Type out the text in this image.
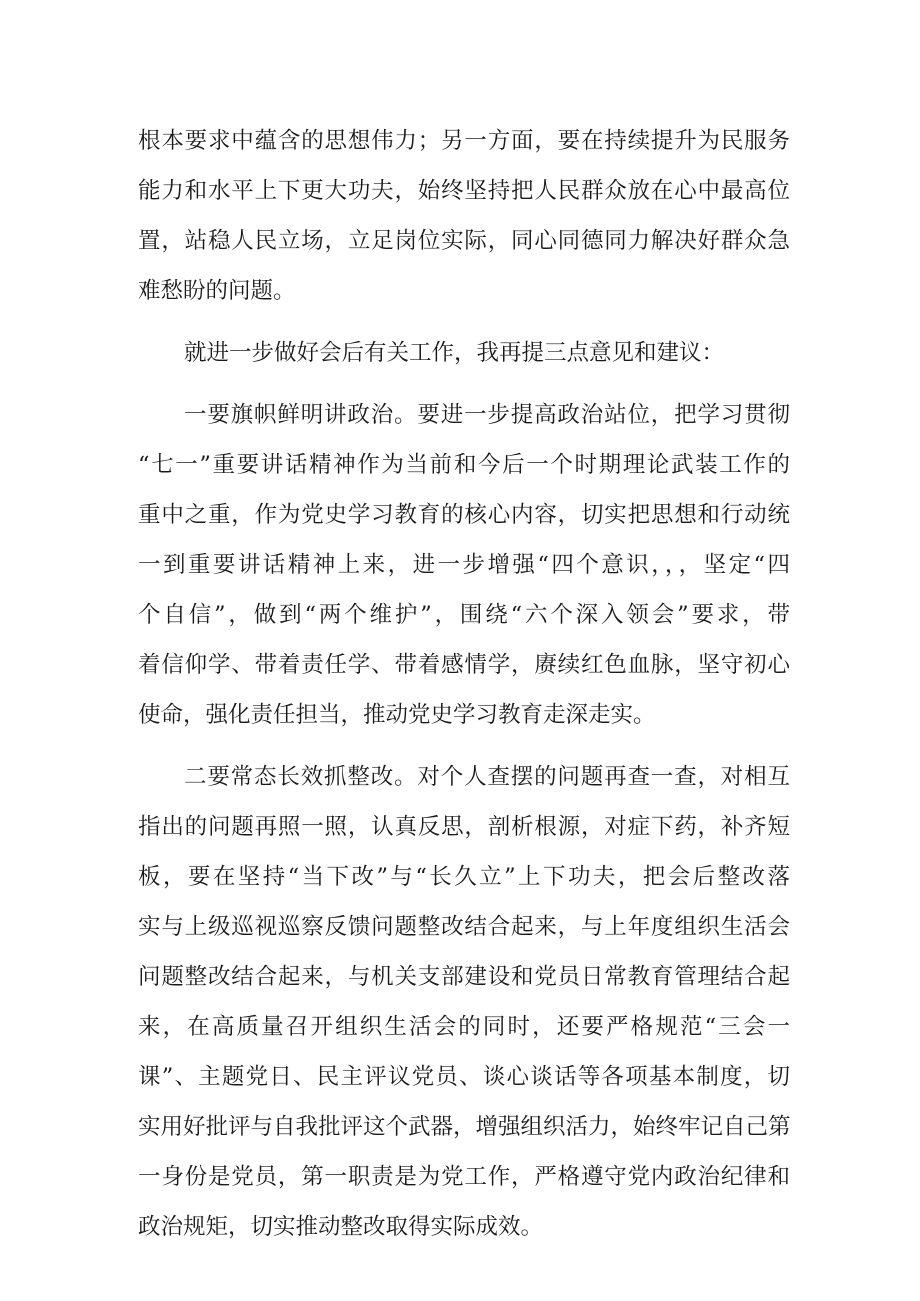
根本要求中蕴含的思想伟力；另一方面，要在持续提升为民服务
能力和水平上下更大功夫，始终坚持把人民群众放在心中最高位
置，站稳人民立场，立足岗位实际，同心同德同力解决好群众急
难愁盼的问题。
就进一步做好会后有关工作，我再提三点意见和建议：
一要旗帜鲜明讲政治。要进一步提高政治站位，把学习贯彻
“七一”重要讲话精神作为当前和今后一个时期理论武装工作的
重中之重，作为党史学习教育的核心内容，切实把思想和行动统
一到重要讲话精神上来，进一步增强“四个意识，，，坚定“四
个自信”，做到“两个维护”，围绕“六个深入领会”要求，带
着信仰学、带着责任学、带着感情学，赓续红色血脉，坚守初心
使命，强化责任担当，推动党史学习教育走深走实。
二要常态长效抓整改。对个人查摆的问题再查一查，对相互
指出的问题再照一照，认真反思，剖析根源，对症下药，补齐短
板，要在坚持“当下改”与“长久立”上下功夫，把会后整改落
实与上级巡视巡察反馈问题整改结合起来，与上年度组织生活会
问题整改结合起来，与机关支部建设和党员日常教育管理结合起
来，在高质量召开组织生活会的同时，还要严格规范“三会一
课”、主题党日、民主评议党员、谈心谈话等各项基本制度，切
实用好批评与自我批评这个武器，增强组织活力，始终牢记自己第
一身份是党员，第一职责是为党工作，严格遵守党内政治纪律和
政治规矩，切实推动整改取得实际成效。
